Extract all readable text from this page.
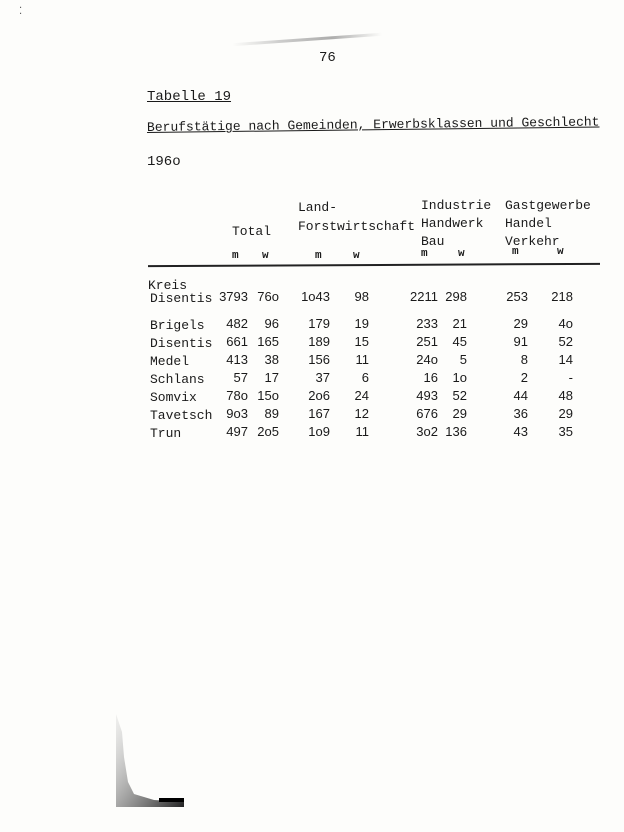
⁚
76
Tabelle 19
Berufstätige nach Gemeinden, Erwerbsklassen und Geschlecht
196o
Total
Land-
Forstwirtschaft
Industrie
Handwerk
Bau
Gastgewerbe
Handel
Verkehr
m w	m	w	m	w	m	w
Kreis
Disentis 3793 76o	1o43	98	2211 298	253	218
Brigels	482	96	179	19	233	21	29	4o
Disentis	661 165	189	15	251	45	91	52
Medel	413	38	156	11	24o	5	8	14
Schlans	57	17	37	6	16	1o	2	-
Somvix	78o 15o	2o6	24	493	52	44	48
Tavetsch	9o3	89	167	12	676	29	36	29
Trun	497 2o5	1o9	11	3o2 136	43	35
